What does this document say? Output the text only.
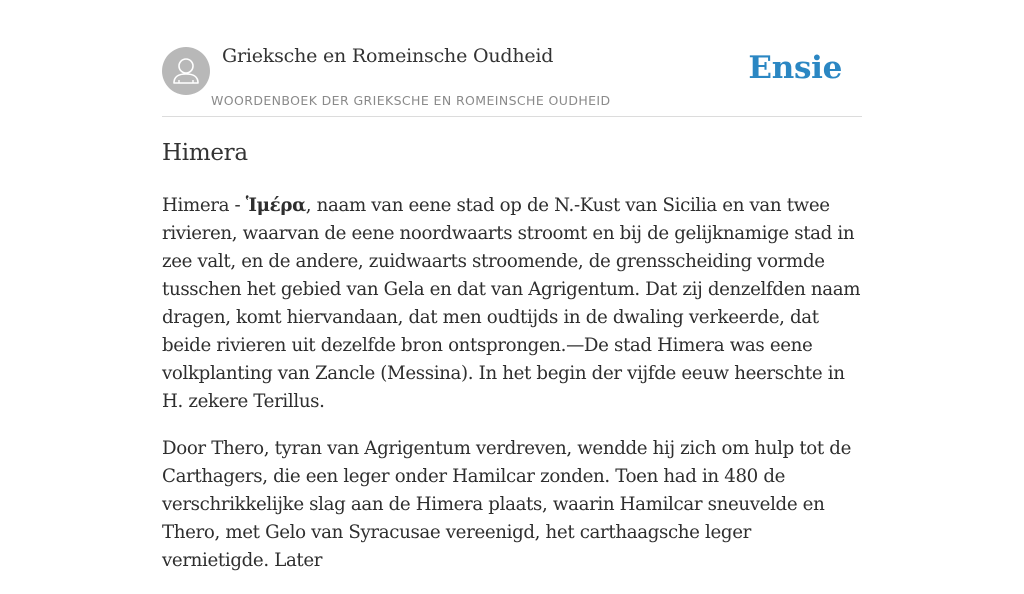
Grieksche en Romeinsche Oudheid
WOORDENBOEK DER GRIEKSCHE EN ROMEINSCHE OUDHEID
Ensie
Himera

Himera - Ἱμέρα, naam van eene stad op de N.-Kust van Sicilia en van twee rivieren, waarvan de eene noordwaarts stroomt en bij de gelijknamige stad in zee valt, en de andere, zuidwaarts stroomende, de grensscheiding vormde tusschen het gebied van Gela en dat van Agrigentum. Dat zij denzelfden naam dragen, komt hiervandaan, dat men oudtijds in de dwaling verkeerde, dat beide rivieren uit dezelfde bron ontsprongen.—De stad Himera was eene volkplanting van Zancle (Messina). In het begin der vijfde eeuw heerschte in H. zekere Terillus.

Door Thero, tyran van Agrigentum verdreven, wendde hij zich om hulp tot de Carthagers, die een leger onder Hamilcar zonden. Toen had in 480 de verschrikkelijke slag aan de Himera plaats, waarin Hamilcar sneuvelde en Thero, met Gelo van Syracusae vereenigd, het carthaagsche leger vernietigde. Later
